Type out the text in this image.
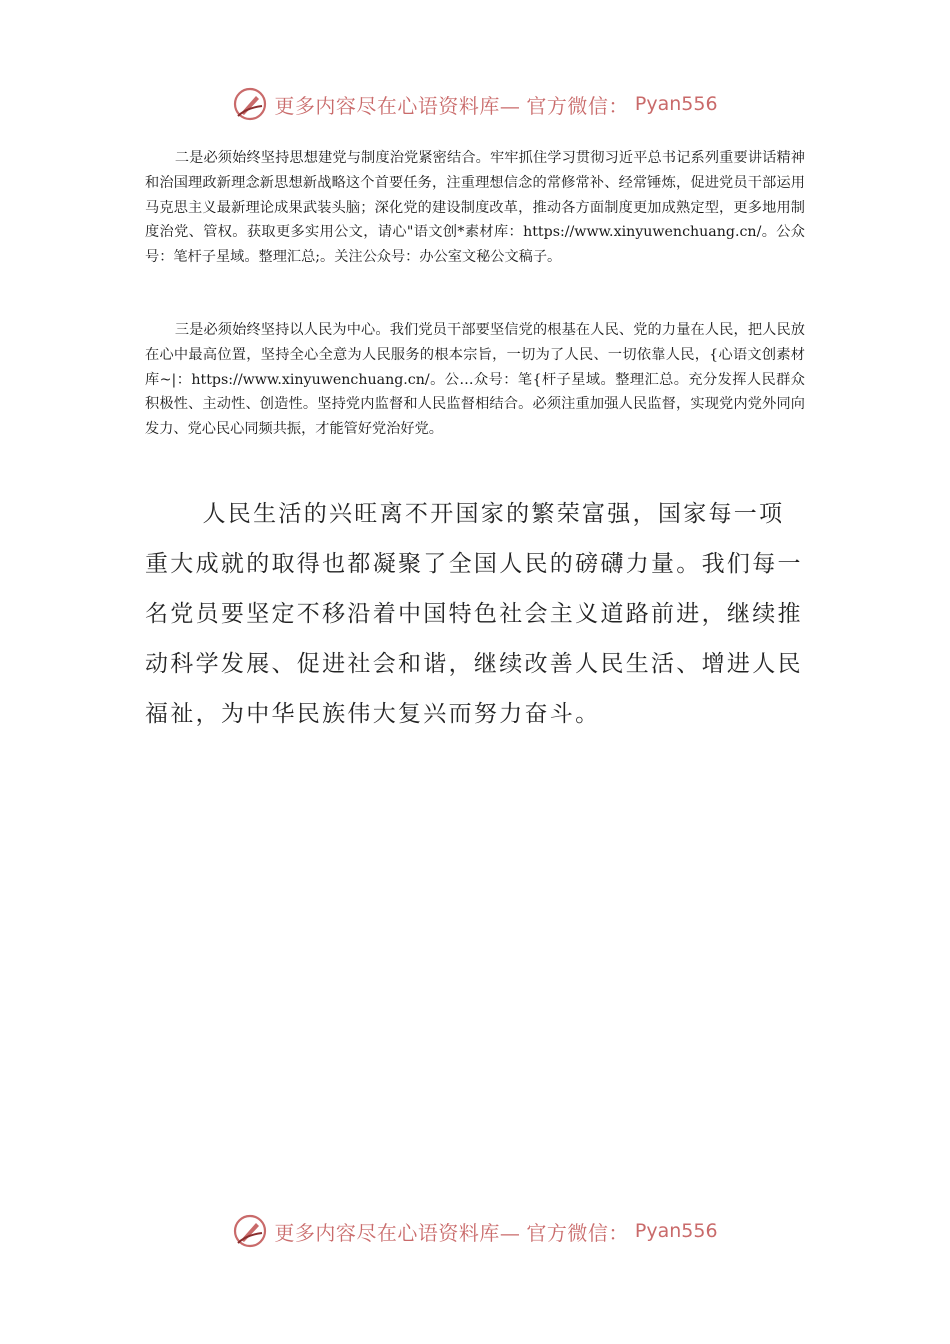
更多内容尽在心语资料库— 官方微信： Pyan556

二是必须始终坚持思想建党与制度治党紧密结合。牢牢抓住学习贯彻习近平总书记系列重要讲话精神和治国理政新理念新思想新战略这个首要任务，注重理想信念的常修常补、经常锤炼，促进党员干部运用马克思主义最新理论成果武装头脑；深化党的建设制度改革，推动各方面制度更加成熟定型，更多地用制度治党、管权。获取更多实用公文，请心"语文创*素材库：https://www.xinyuwenchuang.cn/。公众号：笔杆子星域。整理汇总;。关注公众号：办公室文秘公文稿子。

三是必须始终坚持以人民为中心。我们党员干部要坚信党的根基在人民、党的力量在人民，把人民放在心中最高位置，坚持全心全意为人民服务的根本宗旨，一切为了人民、一切依靠人民，{心语文创素材库~|：https://www.xinyuwenchuang.cn/。公…众号：笔{杆子星域。整理汇总。充分发挥人民群众积极性、主动性、创造性。坚持党内监督和人民监督相结合。必须注重加强人民监督，实现党内党外同向发力、党心民心同频共振，才能管好党治好党。

人民生活的兴旺离不开国家的繁荣富强，国家每一项重大成就的取得也都凝聚了全国人民的磅礴力量。我们每一名党员要坚定不移沿着中国特色社会主义道路前进，继续推动科学发展、促进社会和谐，继续改善人民生活、增进人民福祉，为中华民族伟大复兴而努力奋斗。

更多内容尽在心语资料库— 官方微信： Pyan556
